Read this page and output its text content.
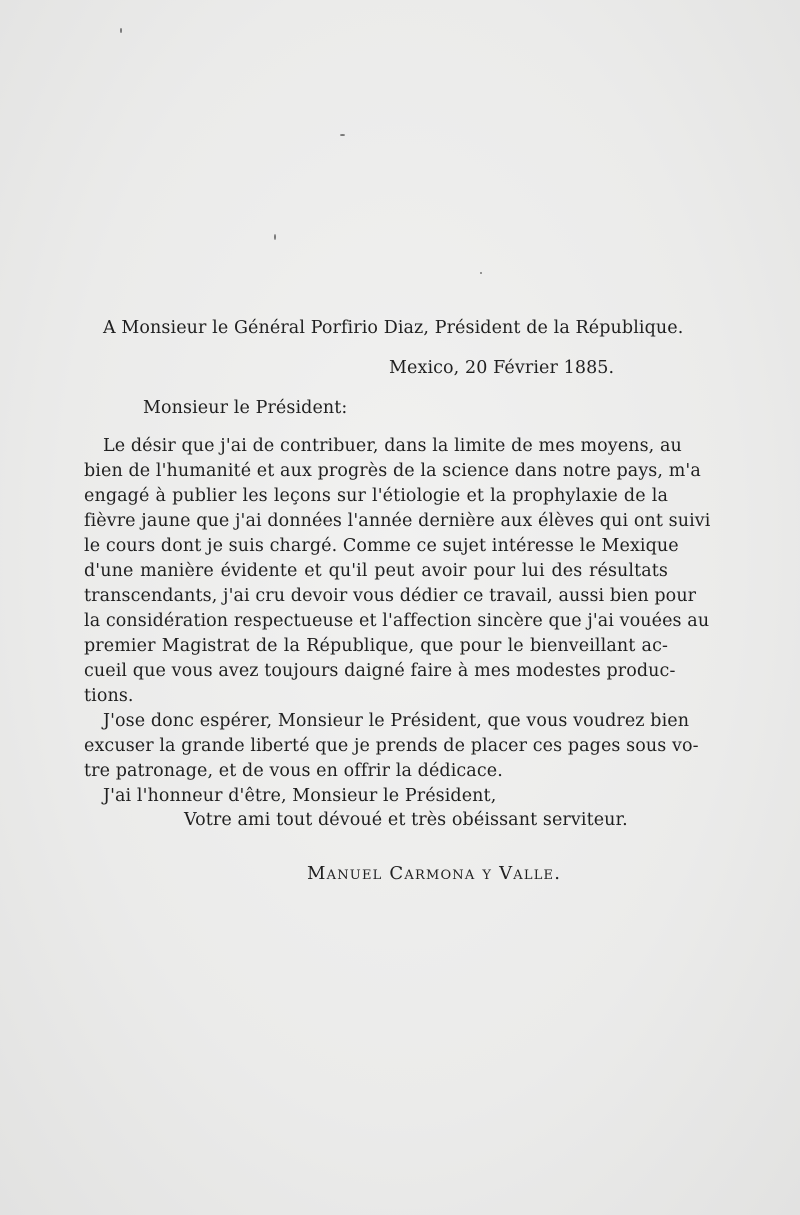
A Monsieur le Général Porfirio Diaz, Président de la République.
Mexico, 20 Février 1885.
Monsieur le Président:
Le désir que j'ai de contribuer, dans la limite de mes moyens, au
bien de l'humanité et aux progrès de la science dans notre pays, m'a
engagé à publier les leçons sur l'étiologie et la prophylaxie de la
fièvre jaune que j'ai données l'année dernière aux élèves qui ont suivi
le cours dont je suis chargé. Comme ce sujet intéresse le Mexique
d'une manière évidente et qu'il peut avoir pour lui des résultats
transcendants, j'ai cru devoir vous dédier ce travail, aussi bien pour
la considération respectueuse et l'affection sincère que j'ai vouées au
premier Magistrat de la République, que pour le bienveillant ac-
cueil que vous avez toujours daigné faire à mes modestes produc-
tions.
J'ose donc espérer, Monsieur le Président, que vous voudrez bien
excuser la grande liberté que je prends de placer ces pages sous vo-
tre patronage, et de vous en offrir la dédicace.
J'ai l'honneur d'être, Monsieur le Président,
Votre ami tout dévoué et très obéissant serviteur.
Manuel Carmona y Valle.
